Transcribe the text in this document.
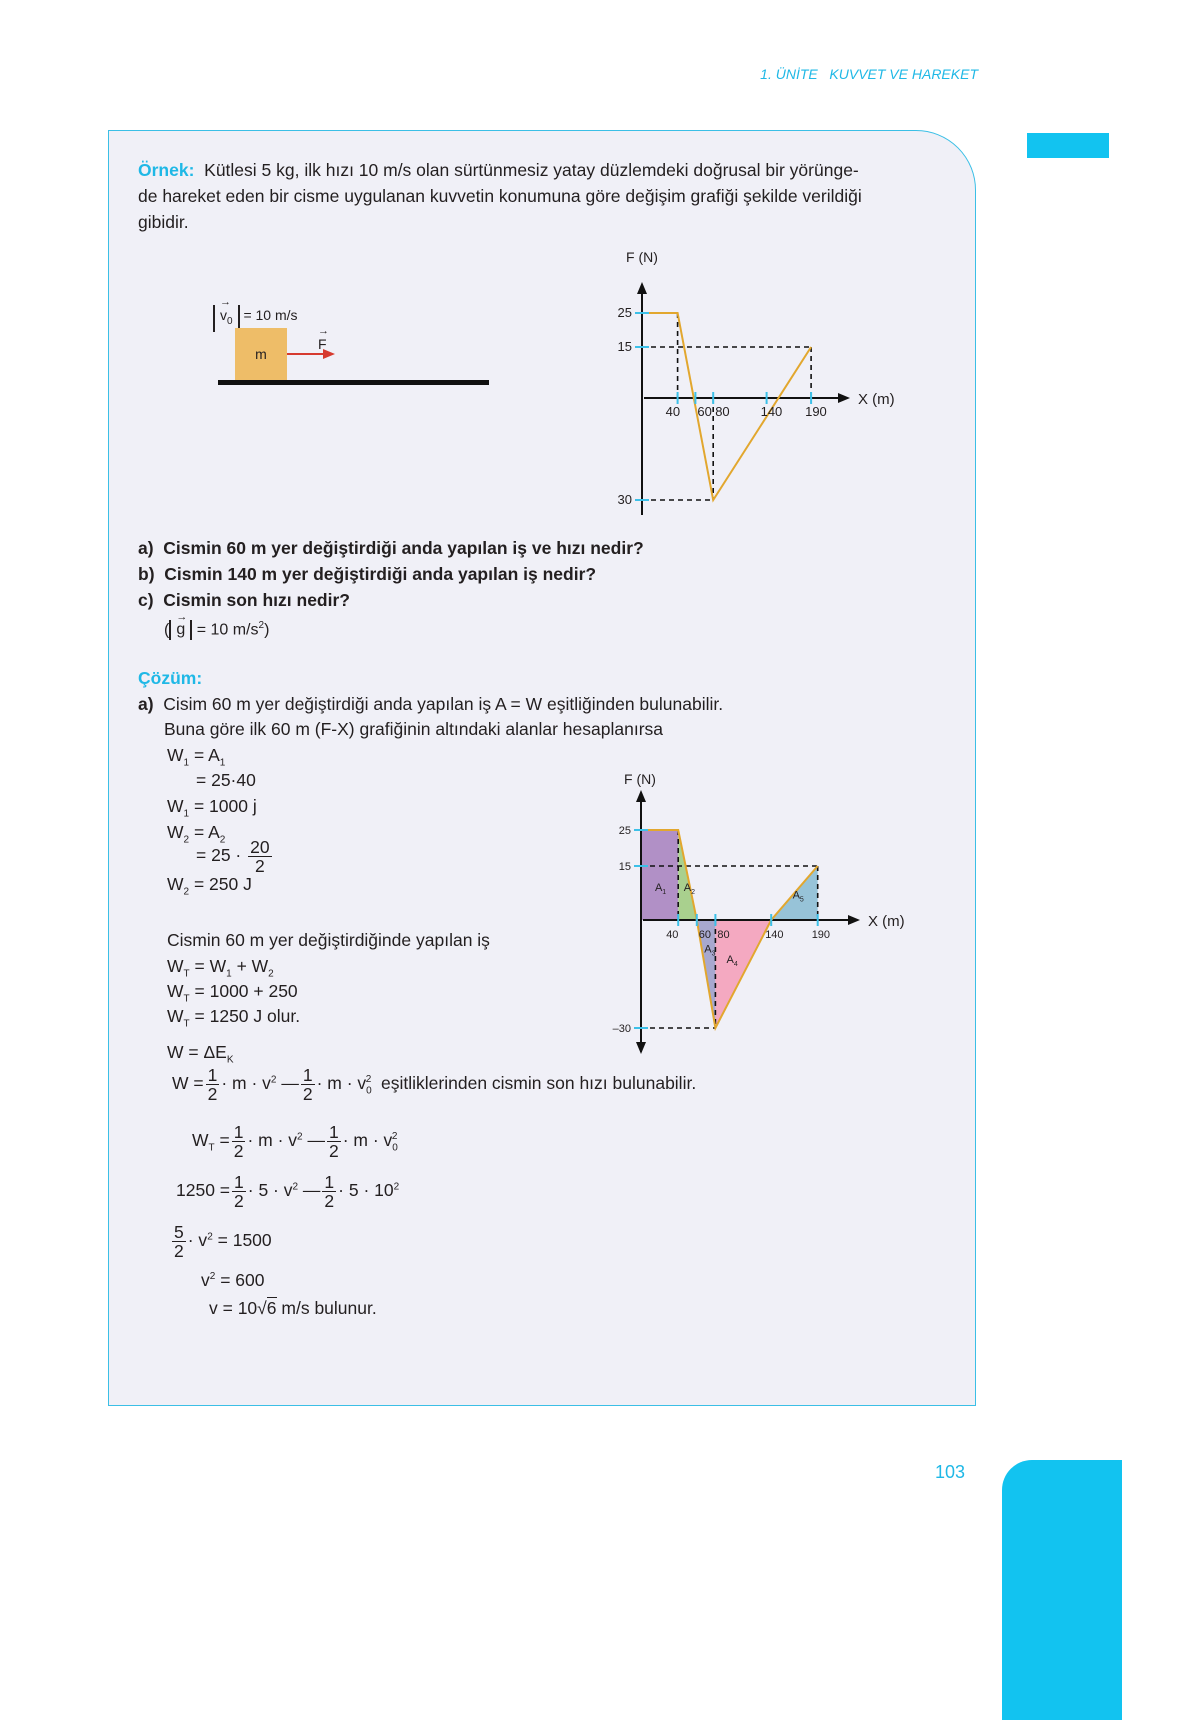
1. ÜNİTE   KUVVET VE HAREKET
103
Örnek: Kütlesi 5 kg, ilk hızı 10 m/s olan sürtünmesiz yatay düzlemdeki doğrusal bir yörünge-
de hareket eden bir cisme uygulanan kuvvetin konumuna göre değişim grafiği şekilde verildiği
gibidir.
→ $v_0 = 10$ m/s
m
→ F
40 60 80 140 190
25
15
30
F (N)
X (m)
40 60 80	140	190
25
15
–30
F (N)
X (m)
$A_1$ $A_2$
$A_3$
$A_4$
$A_5$
a) Cismin 60 m yer değiştirdiği anda yapılan iş ve hızı nedir?
b) Cismin 140 m yer değiştirdiği anda yapılan iş nedir?
c) Cismin son hızı nedir?
( → g = 10 $m/s^2$)
Çözüm:
a) Cisim 60 m yer değiştirdiği anda yapılan iş A = W eşitliğinden bulunabilir.
Buna göre ilk 60 m (F-X) grafiğinin altındaki alanlar hesaplanırsa
$W_1 = A_1$
= 25·40
$W_1 = 1000$ j
$W_2 = A_2$
= $25 \cdot \frac{20}{2}$
$W_2 = 250$ J
Cismin 60 m yer değiştirdiğinde yapılan iş
$W_T = W_1 + W_2$
$W_T = 1000 + 250$
$W_T = 1250$ J olur.
$W = \Delta E_K$
$W = \frac{1}{2} \cdot m \cdot v^2$ — $\frac{1}{2} \cdot m \cdot v_0^2$ eşitliklerinden cismin son hızı bulunabilir.
$W_T = \frac{1}{2} \cdot m \cdot v^2$ — $\frac{1}{2} \cdot m \cdot v_0^2$
$1250 = \frac{1}{2} \cdot 5 \cdot v^2$ — $\frac{1}{2} \cdot 5 \cdot 10^2$
$\frac{5}{2} \cdot v^2 = 1500$
$v^2 = 600$
v = 10√6 m/s bulunur.
